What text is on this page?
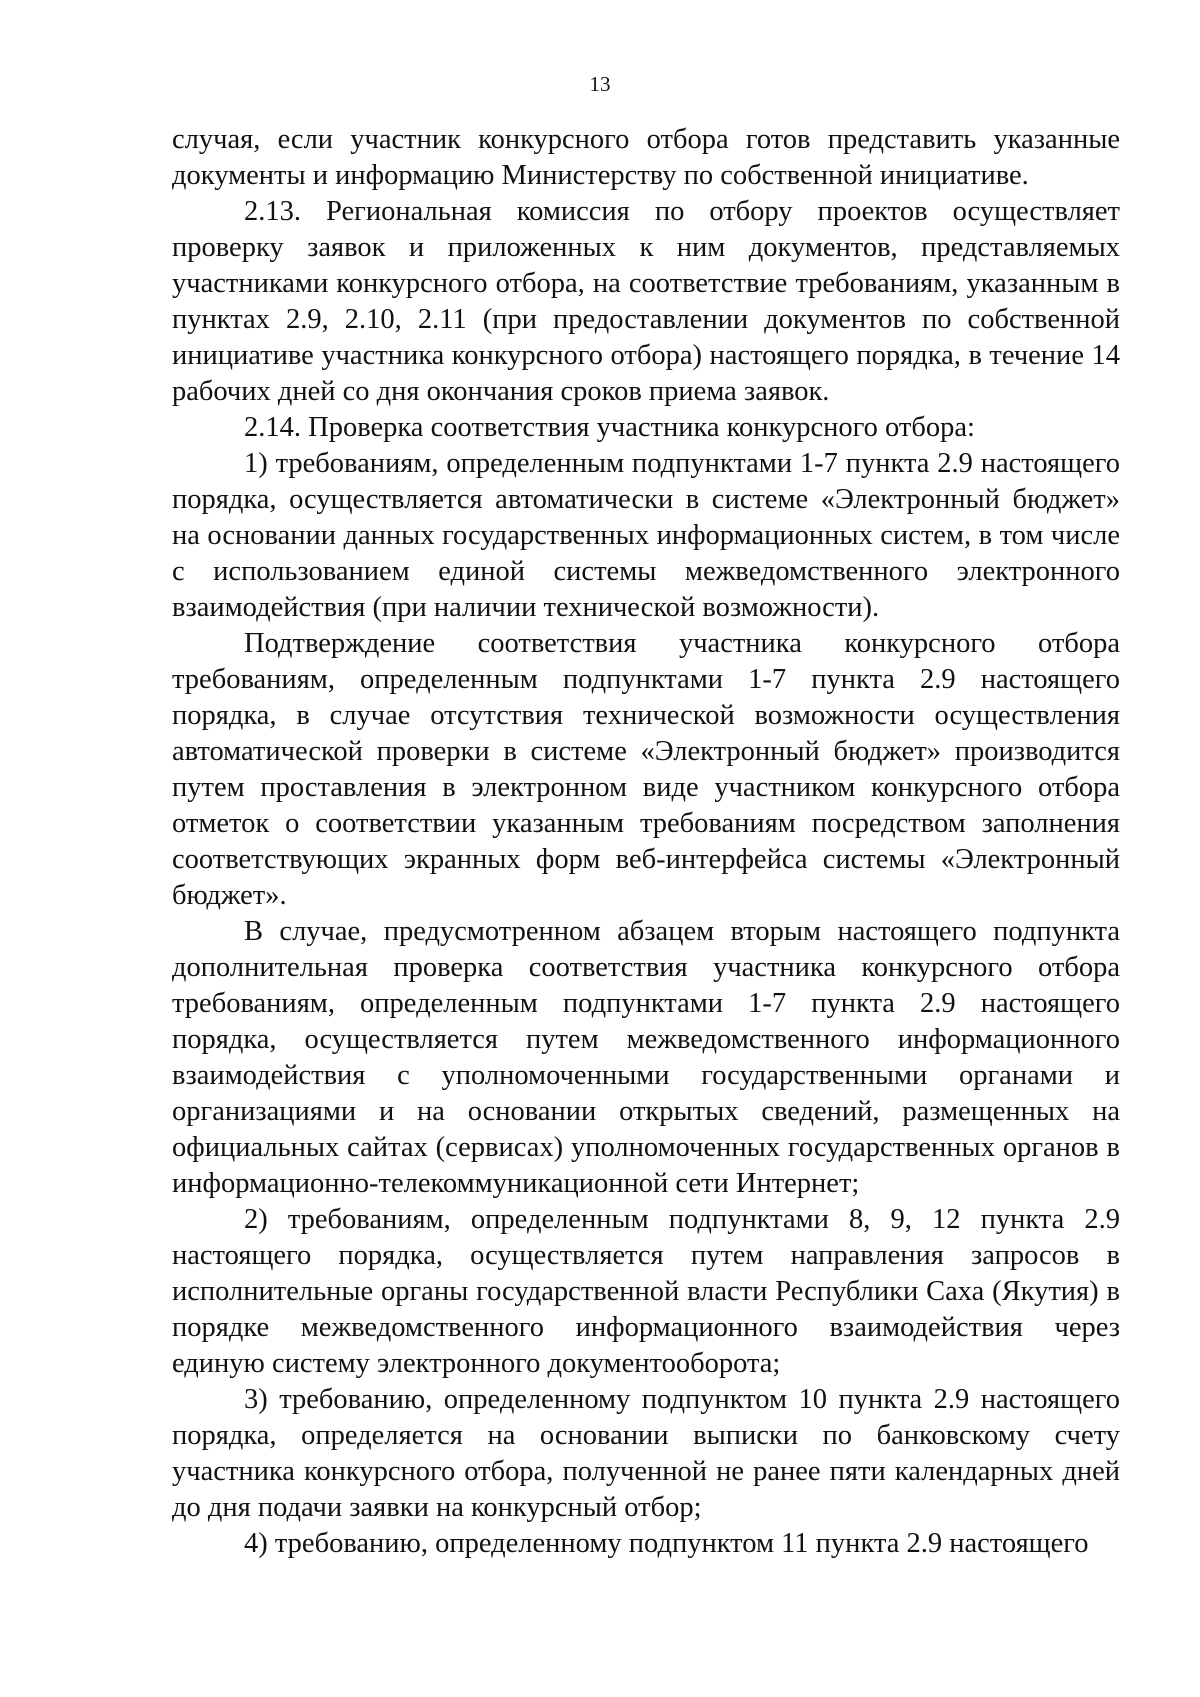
13

случая, если участник конкурсного отбора готов представить указанные документы и информацию Министерству по собственной инициативе.

2.13. Региональная комиссия по отбору проектов осуществляет проверку заявок и приложенных к ним документов, представляемых участниками конкурсного отбора, на соответствие требованиям, указанным в пунктах 2.9, 2.10, 2.11 (при предоставлении документов по собственной инициативе участника конкурсного отбора) настоящего порядка, в течение 14 рабочих дней со дня окончания сроков приема заявок.

2.14. Проверка соответствия участника конкурсного отбора:

1) требованиям, определенным подпунктами 1-7 пункта 2.9 настоящего порядка, осуществляется автоматически в системе «Электронный бюджет» на основании данных государственных информационных систем, в том числе с использованием единой системы межведомственного электронного взаимодействия (при наличии технической возможности).

Подтверждение соответствия участника конкурсного отбора требованиям, определенным подпунктами 1-7 пункта 2.9 настоящего порядка, в случае отсутствия технической возможности осуществления автоматической проверки в системе «Электронный бюджет» производится путем проставления в электронном виде участником конкурсного отбора отметок о соответствии указанным требованиям посредством заполнения соответствующих экранных форм веб-интерфейса системы «Электронный бюджет».

В случае, предусмотренном абзацем вторым настоящего подпункта дополнительная проверка соответствия участника конкурсного отбора требованиям, определенным подпунктами 1-7 пункта 2.9 настоящего порядка, осуществляется путем межведомственного информационного взаимодействия с уполномоченными государственными органами и организациями и на основании открытых сведений, размещенных на официальных сайтах (сервисах) уполномоченных государственных органов в информационно-телекоммуникационной сети Интернет;

2) требованиям, определенным подпунктами 8, 9, 12 пункта 2.9 настоящего порядка, осуществляется путем направления запросов в исполнительные органы государственной власти Республики Саха (Якутия) в порядке межведомственного информационного взаимодействия через единую систему электронного документооборота;

3) требованию, определенному подпунктом 10 пункта 2.9 настоящего порядка, определяется на основании выписки по банковскому счету участника конкурсного отбора, полученной не ранее пяти календарных дней до дня подачи заявки на конкурсный отбор;

4) требованию, определенному подпунктом 11 пункта 2.9 настоящего
